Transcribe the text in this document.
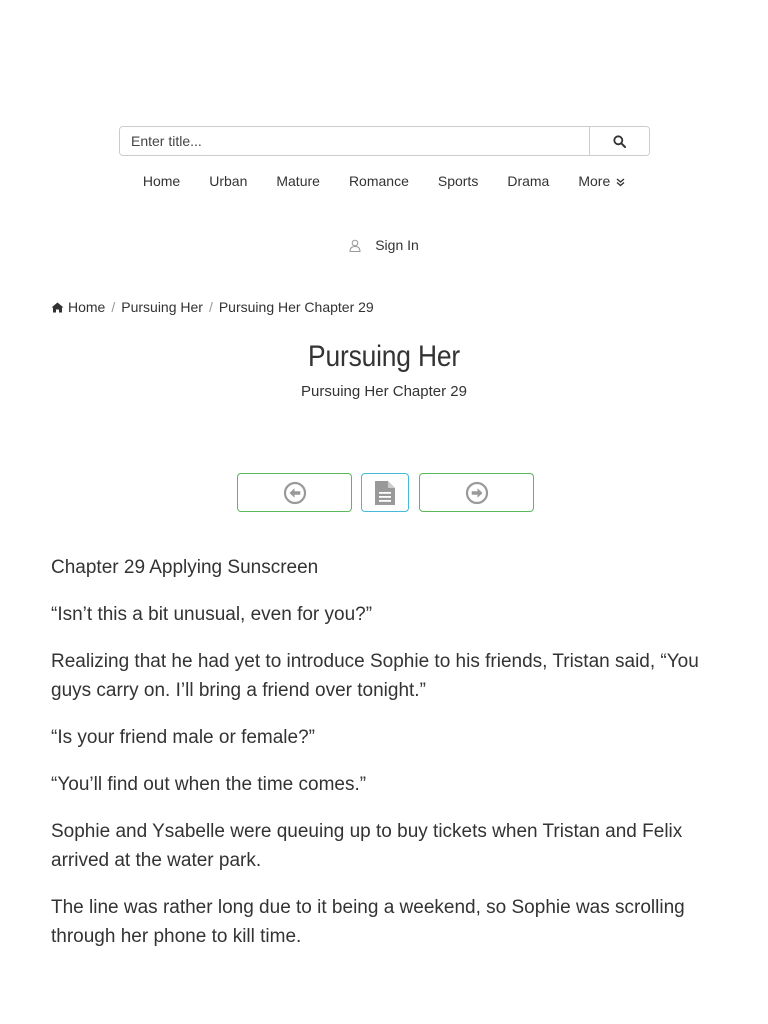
Enter title...
Home Urban Mature Romance Sports Drama More
Sign In
Home / Pursuing Her / Pursuing Her Chapter 29
Pursuing Her
Pursuing Her Chapter 29

Chapter 29 Applying Sunscreen

“Isn’t this a bit unusual, even for you?”

Realizing that he had yet to introduce Sophie to his friends, Tristan said, “You guys carry on. I’ll bring a friend over tonight.”

“Is your friend male or female?”

“You’ll find out when the time comes.”

Sophie and Ysabelle were queuing up to buy tickets when Tristan and Felix arrived at the water park.

The line was rather long due to it being a weekend, so Sophie was scrolling through her phone to kill time.
